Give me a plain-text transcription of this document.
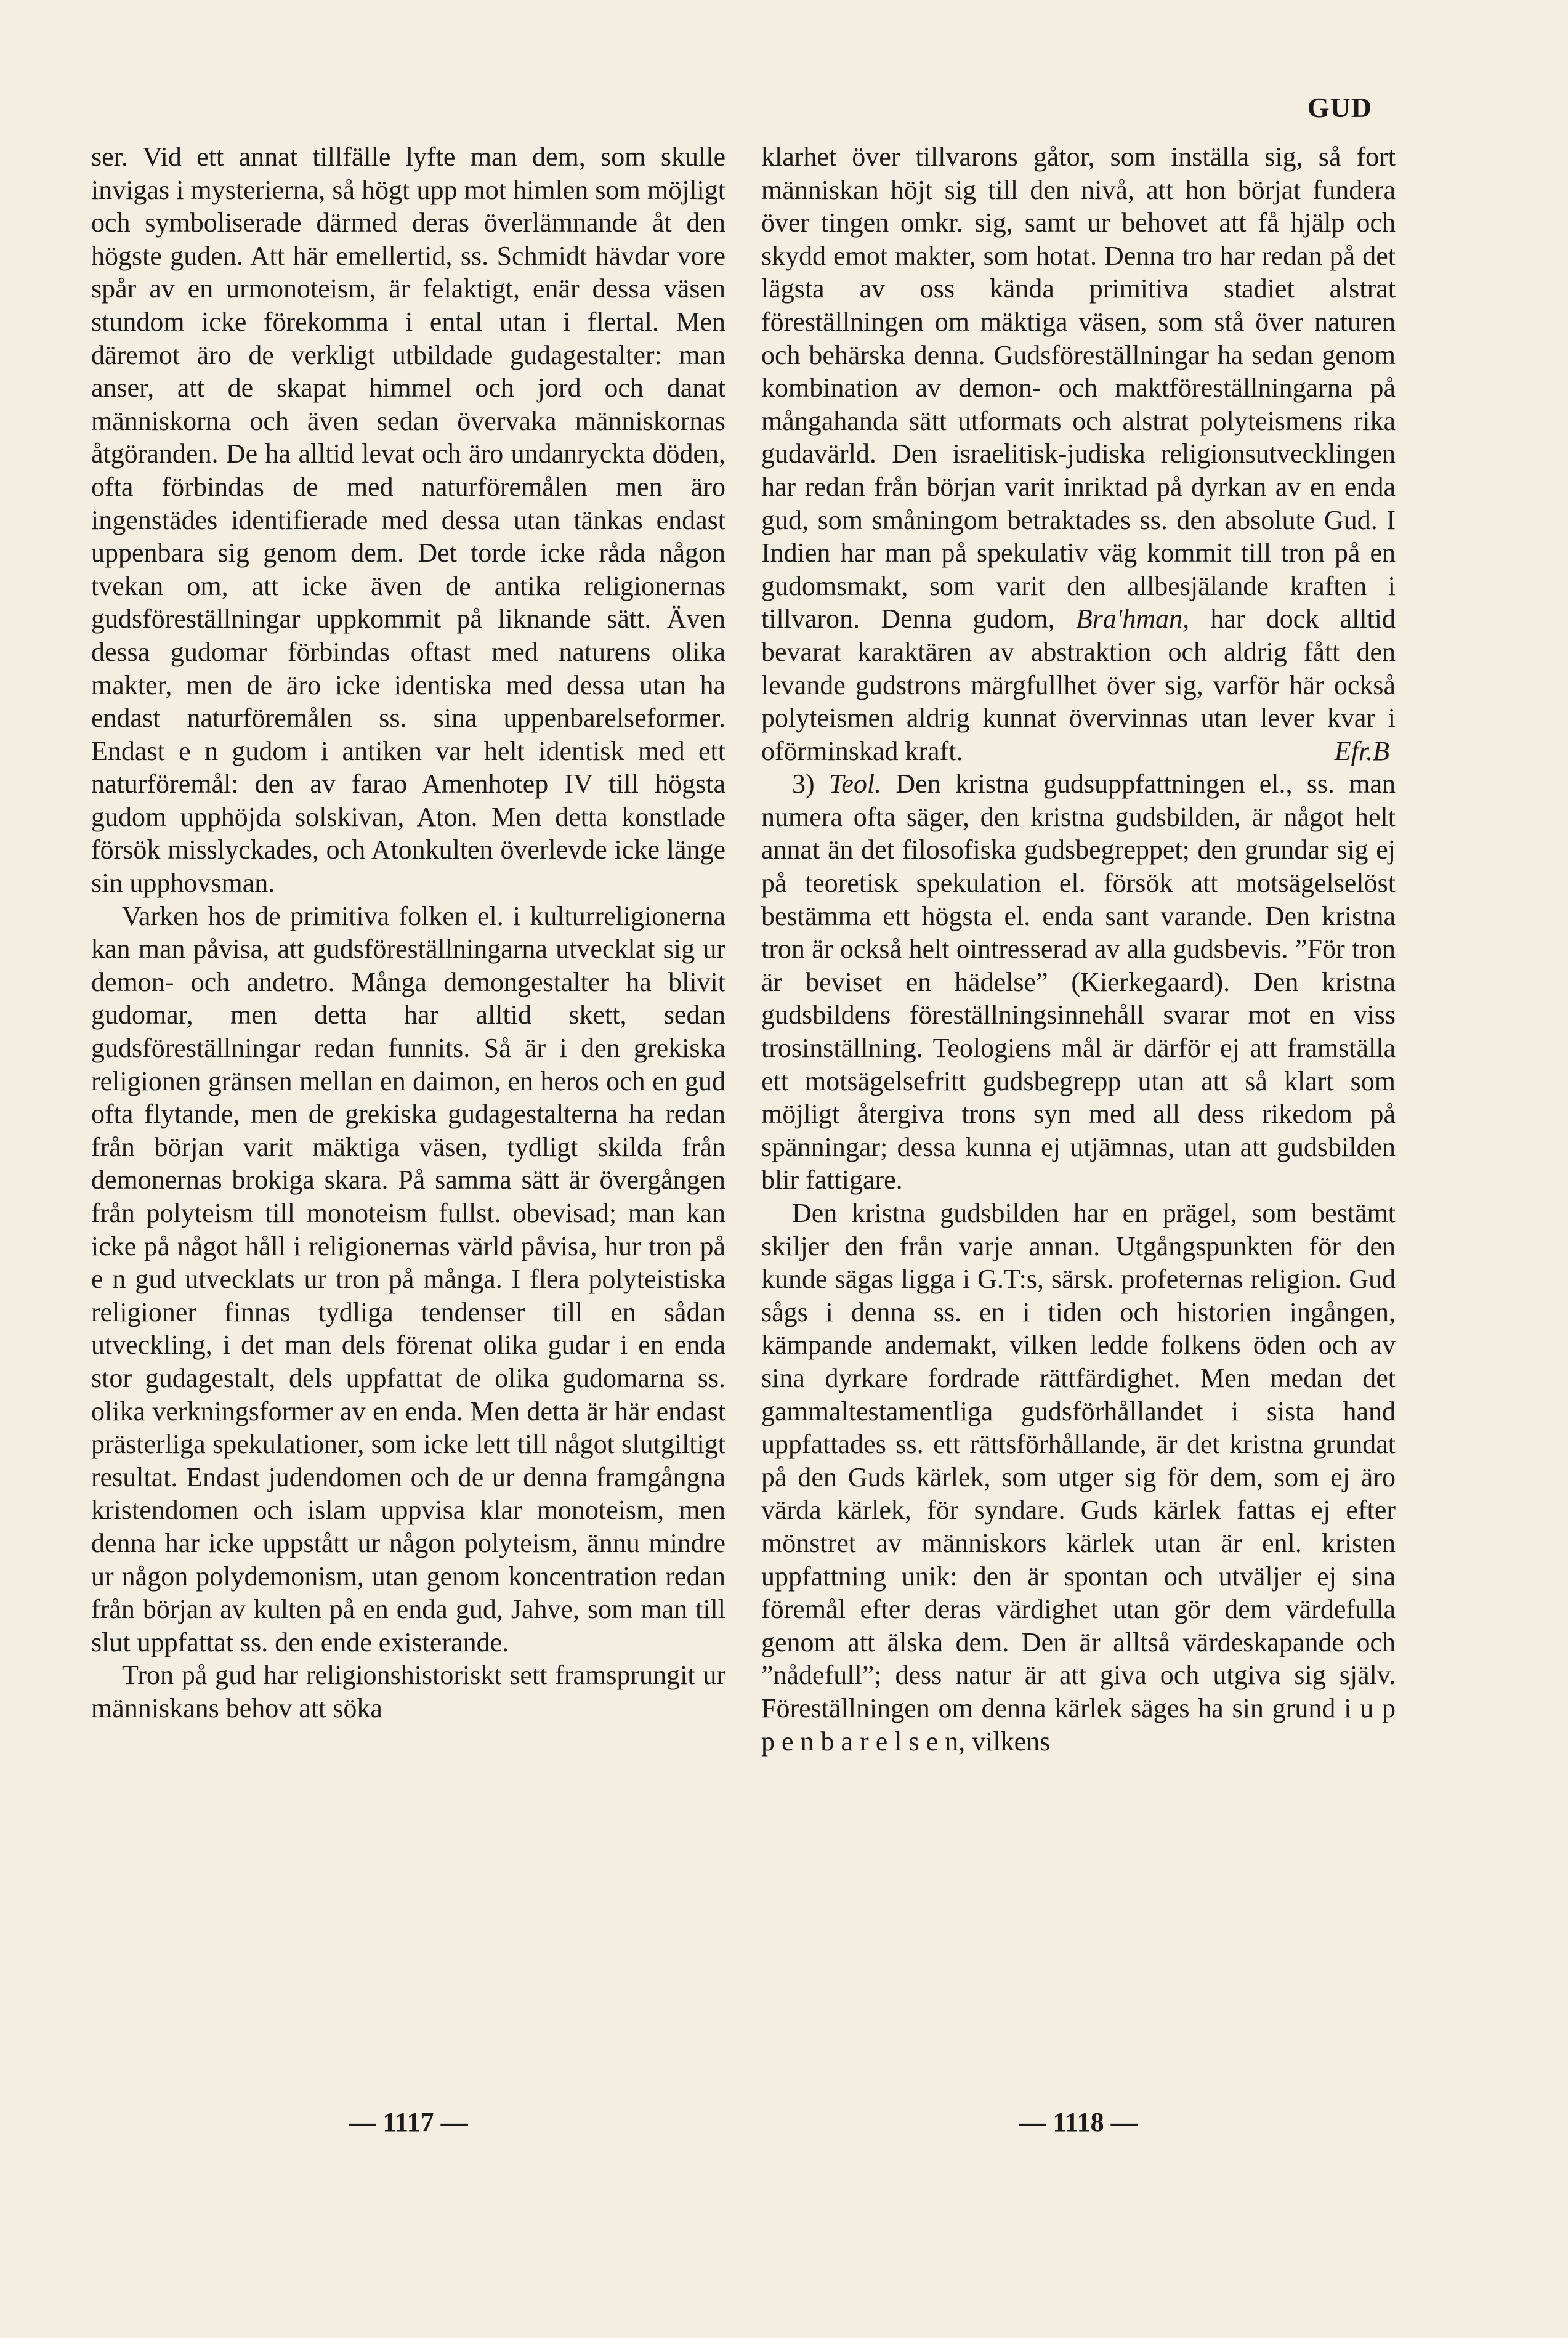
GUD

ser. Vid ett annat tillfälle lyfte man dem, som skulle invigas i mysterierna, så högt upp mot himlen som möjligt och symboliserade därmed deras överlämnande åt den högste guden. Att här emellertid, ss. Schmidt hävdar vore spår av en urmonoteism, är felaktigt, enär dessa väsen stundom icke förekomma i ental utan i flertal. Men däremot äro de verkligt utbildade gudagestalter: man anser, att de skapat himmel och jord och danat människorna och även sedan övervaka människornas åtgöranden. De ha alltid levat och äro undanryckta döden, ofta förbindas de med naturföremålen men äro ingenstädes identifierade med dessa utan tänkas endast uppenbara sig genom dem. Det torde icke råda någon tvekan om, att icke även de antika religionernas gudsföreställningar uppkommit på liknande sätt. Även dessa gudomar förbindas oftast med naturens olika makter, men de äro icke identiska med dessa utan ha endast naturföremålen ss. sina uppenbarelseformer. Endast e n gudom i antiken var helt identisk med ett naturföremål: den av farao Amenhotep IV till högsta gudom upphöjda solskivan, Aton. Men detta konstlade försök misslyckades, och Atonkulten överlevde icke länge sin upphovsman.

Varken hos de primitiva folken el. i kulturreligionerna kan man påvisa, att gudsföreställningarna utvecklat sig ur demon- och andetro. Många demongestalter ha blivit gudomar, men detta har alltid skett, sedan gudsföreställningar redan funnits. Så är i den grekiska religionen gränsen mellan en daimon, en heros och en gud ofta flytande, men de grekiska gudagestalterna ha redan från början varit mäktiga väsen, tydligt skilda från demonernas brokiga skara. På samma sätt är övergången från polyteism till monoteism fullst. obevisad; man kan icke på något håll i religionernas värld påvisa, hur tron på e n gud utvecklats ur tron på många. I flera polyteistiska religioner finnas tydliga tendenser till en sådan utveckling, i det man dels förenat olika gudar i en enda stor gudagestalt, dels uppfattat de olika gudomarna ss. olika verkningsformer av en enda. Men detta är här endast prästerliga spekulationer, som icke lett till något slutgiltigt resultat. Endast judendomen och de ur denna framgångna kristendomen och islam uppvisa klar monoteism, men denna har icke uppstått ur någon polyteism, ännu mindre ur någon polydemonism, utan genom koncentration redan från början av kulten på en enda gud, Jahve, som man till slut uppfattat ss. den ende existerande.

Tron på gud har religionshistoriskt sett framsprungit ur människans behov att söka

klarhet över tillvarons gåtor, som inställa sig, så fort människan höjt sig till den nivå, att hon börjat fundera över tingen omkr. sig, samt ur behovet att få hjälp och skydd emot makter, som hotat. Denna tro har redan på det lägsta av oss kända primitiva stadiet alstrat föreställningen om mäktiga väsen, som stå över naturen och behärska denna. Gudsföreställningar ha sedan genom kombination av demon- och maktföreställningarna på mångahanda sätt utformats och alstrat polyteismens rika gudavärld. Den israelitisk-judiska religionsutvecklingen har redan från början varit inriktad på dyrkan av en enda gud, som småningom betraktades ss. den absolute Gud. I Indien har man på spekulativ väg kommit till tron på en gudomsmakt, som varit den allbesjälande kraften i tillvaron. Denna gudom, Bra'hman, har dock alltid bevarat karaktären av abstraktion och aldrig fått den levande gudstrons märgfullhet över sig, varför här också polyteismen aldrig kunnat övervinnas utan lever kvar i oförminskad kraft.	Efr.B

3) Teol. Den kristna gudsuppfattningen el., ss. man numera ofta säger, den kristna gudsbilden, är något helt annat än det filosofiska gudsbegreppet; den grundar sig ej på teoretisk spekulation el. försök att motsägelselöst bestämma ett högsta el. enda sant varande. Den kristna tron är också helt ointresserad av alla gudsbevis. ”För tron är beviset en hädelse” (Kierkegaard). Den kristna gudsbildens föreställningsinnehåll svarar mot en viss trosinställning. Teologiens mål är därför ej att framställa ett motsägelsefritt gudsbegrepp utan att så klart som möjligt återgiva trons syn med all dess rikedom på spänningar; dessa kunna ej utjämnas, utan att gudsbilden blir fattigare.

Den kristna gudsbilden har en prägel, som bestämt skiljer den från varje annan. Utgångspunkten för den kunde sägas ligga i G.T:s, särsk. profeternas religion. Gud sågs i denna ss. en i tiden och historien ingången, kämpande andemakt, vilken ledde folkens öden och av sina dyrkare fordrade rättfärdighet. Men medan det gammaltestamentliga gudsförhållandet i sista hand uppfattades ss. ett rättsförhållande, är det kristna grundat på den Guds kärlek, som utger sig för dem, som ej äro värda kärlek, för syndare. Guds kärlek fattas ej efter mönstret av människors kärlek utan är enl. kristen uppfattning unik: den är spontan och utväljer ej sina föremål efter deras värdighet utan gör dem värdefulla genom att älska dem. Den är alltså värdeskapande och ”nådefull”; dess natur är att giva och utgiva sig själv. Föreställningen om denna kärlek säges ha sin grund i u p p e n b a r e l s e n, vilkens

— 1117 —	— 1118 —
